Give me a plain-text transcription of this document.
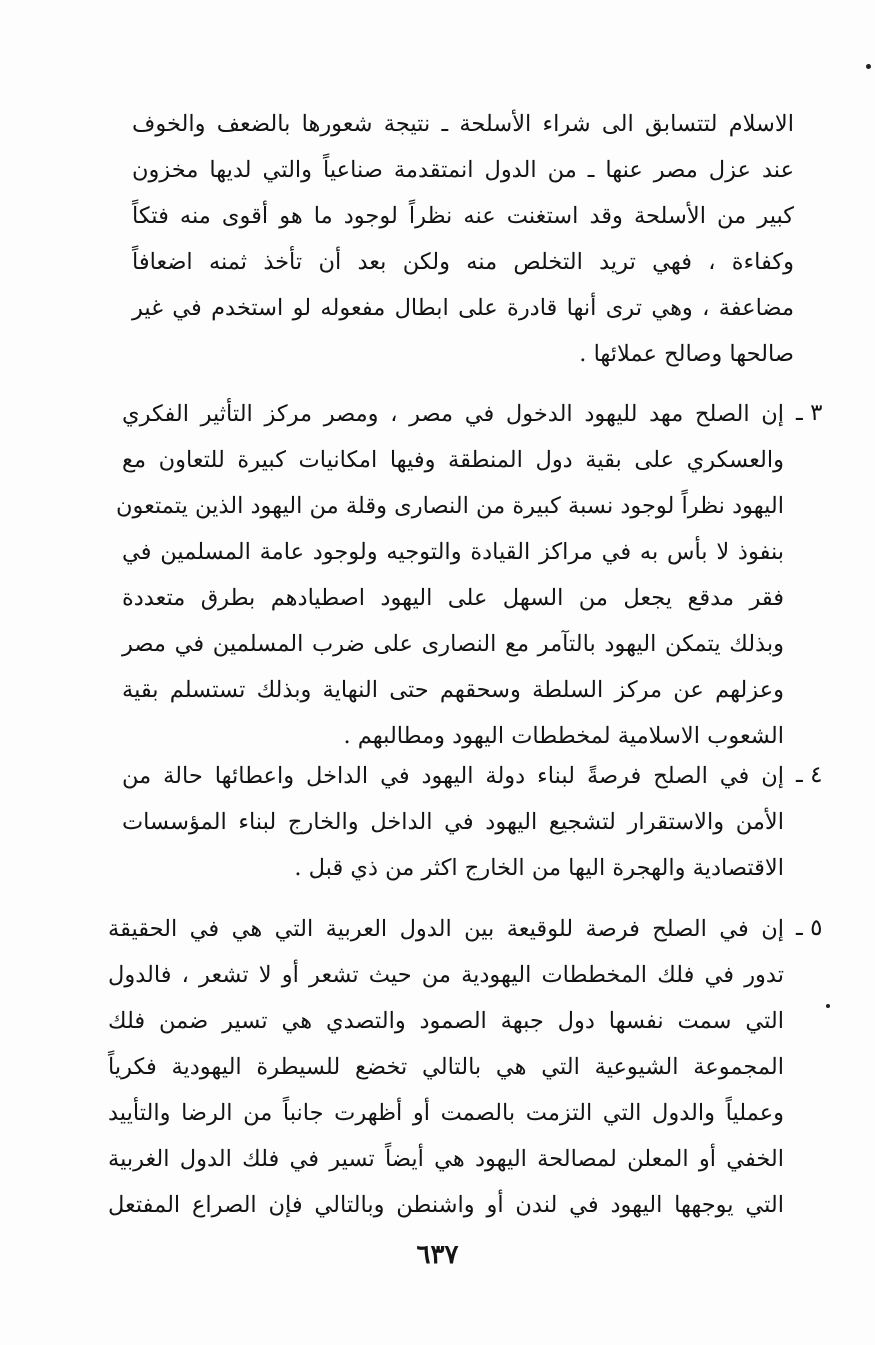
الاسلام لتتسابق الى شراء الأسلحة ـ نتيجة شعورها بالضعف والخوف
عند عزل مصر عنها ـ من الدول انمتقدمة صناعياً والتي لديها مخزون
كبير من الأسلحة وقد استغنت عنه نظراً لوجود ما هو أقوى منه فتكاً
وكفاءة ، فهي تريد التخلص منه ولكن بعد أن تأخذ ثمنه اضعافاً
مضاعفة ، وهي ترى أنها قادرة على ابطال مفعوله لو استخدم في غير
صالحها وصالح عملائها .
٣ ـ
إن الصلح مهد لليهود الدخول في مصر ، ومصر مركز التأثير الفكري
والعسكري على بقية دول المنطقة وفيها امكانيات كبيرة للتعاون مع
اليهود نظراً لوجود نسبة كبيرة من النصارى وقلة من اليهود الذين يتمتعون
بنفوذ لا بأس به في مراكز القيادة والتوجيه ولوجود عامة المسلمين في
فقر مدقع يجعل من السهل على اليهود اصطيادهم بطرق متعددة
وبذلك يتمكن اليهود بالتآمر مع النصارى على ضرب المسلمين في مصر
وعزلهم عن مركز السلطة وسحقهم حتى النهاية وبذلك تستسلم بقية
الشعوب الاسلامية لمخططات اليهود ومطالبهم .
٤ ـ
إن في الصلح فرصةً لبناء دولة اليهود في الداخل واعطائها حالة من
الأمن والاستقرار لتشجيع اليهود في الداخل والخارج لبناء المؤسسات
الاقتصادية والهجرة اليها من الخارج اكثر من ذي قبل .
٥ ـ
إن في الصلح فرصة للوقيعة بين الدول العربية التي هي في الحقيقة
تدور في فلك المخططات اليهودية من حيث تشعر أو لا تشعر ، فالدول
التي سمت نفسها دول جبهة الصمود والتصدي هي تسير ضمن فلك
المجموعة الشيوعية التي هي بالتالي تخضع للسيطرة اليهودية فكرياً
وعملياً والدول التي التزمت بالصمت أو أظهرت جانباً من الرضا والتأييد
الخفي أو المعلن لمصالحة اليهود هي أيضاً تسير في فلك الدول الغربية
التي يوجهها اليهود في لندن أو واشنطن وبالتالي فإن الصراع المفتعل
٦٣٧
